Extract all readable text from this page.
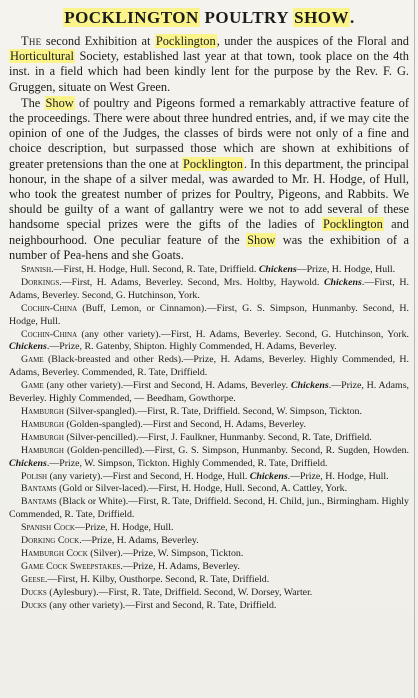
POCKLINGTON POULTRY SHOW.

The second Exhibition at Pocklington, under the auspices of the Floral and Horticultural Society, established last year at that town, took place on the 4th inst. in a field which had been kindly lent for the purpose by the Rev. F. G. Gruggen, situate on West Green.

The Show of poultry and Pigeons formed a remarkably attractive feature of the proceedings. There were about three hundred entries, and, if we may cite the opinion of one of the Judges, the classes of birds were not only of a fine and choice description, but surpassed those which are shown at exhibitions of greater pretensions than the one at Pocklington. In this department, the principal honour, in the shape of a silver medal, was awarded to Mr. H. Hodge, of Hull, who took the greatest number of prizes for Poultry, Pigeons, and Rabbits. We should be guilty of a want of gallantry were we not to add several of these handsome special prizes were the gifts of the ladies of Pocklington and neighbourhood. One peculiar feature of the Show was the exhibition of a number of Pea-hens and she Goats.

Spanish.—First, H. Hodge, Hull. Second, R. Tate, Driffield. Chickens—Prize, H. Hodge, Hull.

Dorkings.—First, H. Adams, Beverley. Second, Mrs. Holtby, Haywold. Chickens.—First, H. Adams, Beverley. Second, G. Hutchinson, York.

Cochin-China (Buff, Lemon, or Cinnamon).—First, G. S. Simpson, Hunmanby. Second, H. Hodge, Hull.

Cochin-China (any other variety).—First, H. Adams, Beverley. Second, G. Hutchinson, York. Chickens.—Prize, R. Gatenby, Shipton. Highly Commended, H. Adams, Beverley.

Game (Black-breasted and other Reds).—Prize, H. Adams, Beverley. Highly Commended, H. Adams, Beverley. Commended, R. Tate, Driffield.

Game (any other variety).—First and Second, H. Adams, Beverley. Chickens.—Prize, H. Adams, Beverley. Highly Commended, — Beedham, Gowthorpe.

Hamburgh (Silver-spangled).—First, R. Tate, Driffield. Second, W. Simpson, Tickton.

Hamburgh (Golden-spangled).—First and Second, H. Adams, Beverley.

Hamburgh (Silver-pencilled).—First, J. Faulkner, Hunmanby. Second, R. Tate, Driffield.

Hamburgh (Golden-pencilled).—First, G. S. Simpson, Hunmanby. Second, R. Sugden, Howden. Chickens.—Prize, W. Simpson, Tickton. Highly Commended, R. Tate, Driffield.

Polish (any variety).—First and Second, H. Hodge, Hull. Chickens.—Prize, H. Hodge, Hull.

Bantams (Gold or Silver-laced).—First, H. Hodge, Hull. Second, A. Cattley, York.

Bantams (Black or White).—First, R. Tate, Driffield. Second, H. Child, jun., Birmingham. Highly Commended, R. Tate, Driffield.

Spanish Cock—Prize, H. Hodge, Hull.

Dorking Cock.—Prize, H. Adams, Beverley.

Hamburgh Cock (Silver).—Prize, W. Simpson, Tickton.

Game Cock Sweepstakes.—Prize, H. Adams, Beverley.

Geese.—First, H. Kilby, Ousthorpe. Second, R. Tate, Driffield.

Ducks (Aylesbury).—First, R. Tate, Driffield. Second, W. Dorsey, Warter.

Ducks (any other variety).—First and Second, R. Tate, Driffield.
